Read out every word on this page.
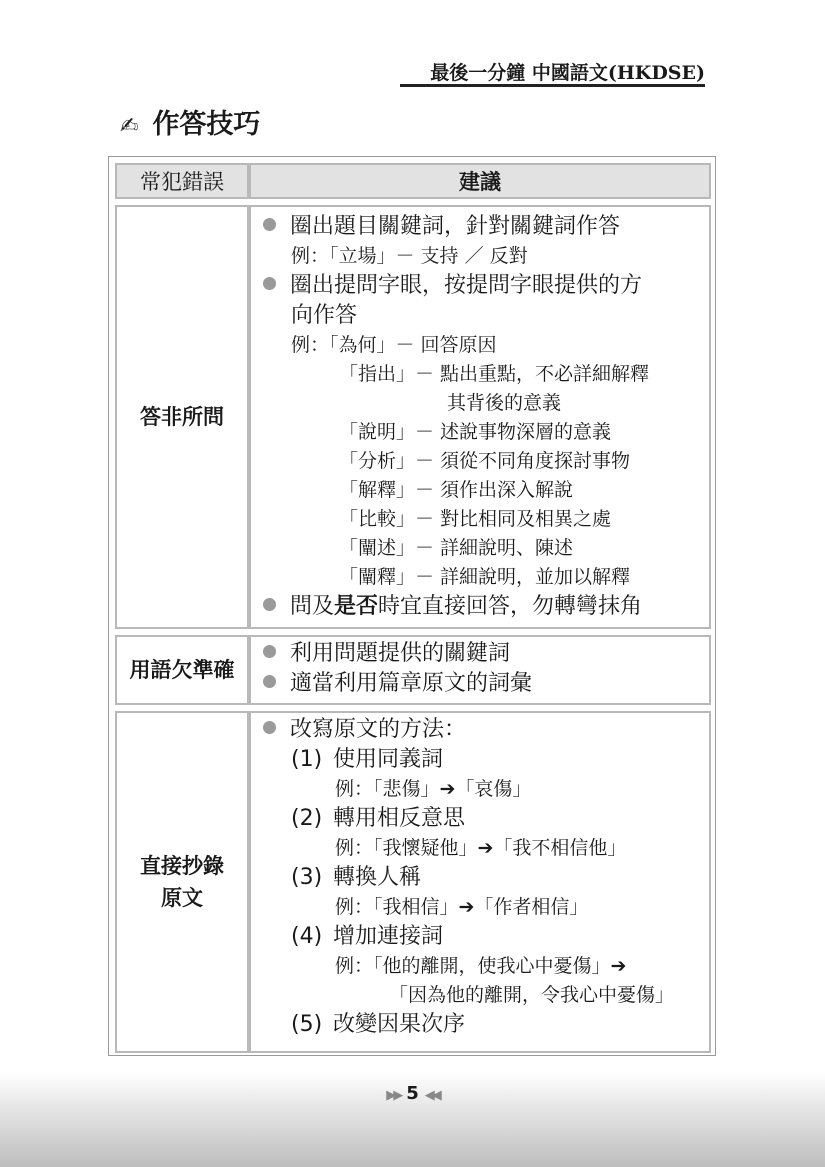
最後一分鐘 中國語文(HKDSE)
✍ 作答技巧
常犯錯誤	建議
答非所問
圈出題目關鍵詞，針對關鍵詞作答
例：「立場」－ 支持 ／ 反對
圈出提問字眼，按提問字眼提供的方
向作答
例：「為何」－ 回答原因
「指出」－ 點出重點，不必詳細解釋
其背後的意義
「說明」－ 述說事物深層的意義
「分析」－ 須從不同角度探討事物
「解釋」－ 須作出深入解說
「比較」－ 對比相同及相異之處
「闡述」－ 詳細說明、陳述
「闡釋」－ 詳細說明，並加以解釋
問及是否時宜直接回答，勿轉彎抹角
用語欠準確
利用問題提供的關鍵詞
適當利用篇章原文的詞彙
直接抄錄
原文
改寫原文的方法：
(1) 使用同義詞
例：「悲傷」➔「哀傷」
(2) 轉用相反意思
例：「我懷疑他」➔「我不相信他」
(3) 轉換人稱
例：「我相信」➔「作者相信」
(4) 增加連接詞
例：「他的離開，使我心中憂傷」➔
「因為他的離開，令我心中憂傷」
(5) 改變因果次序
▶▶ 5 ◀◀
